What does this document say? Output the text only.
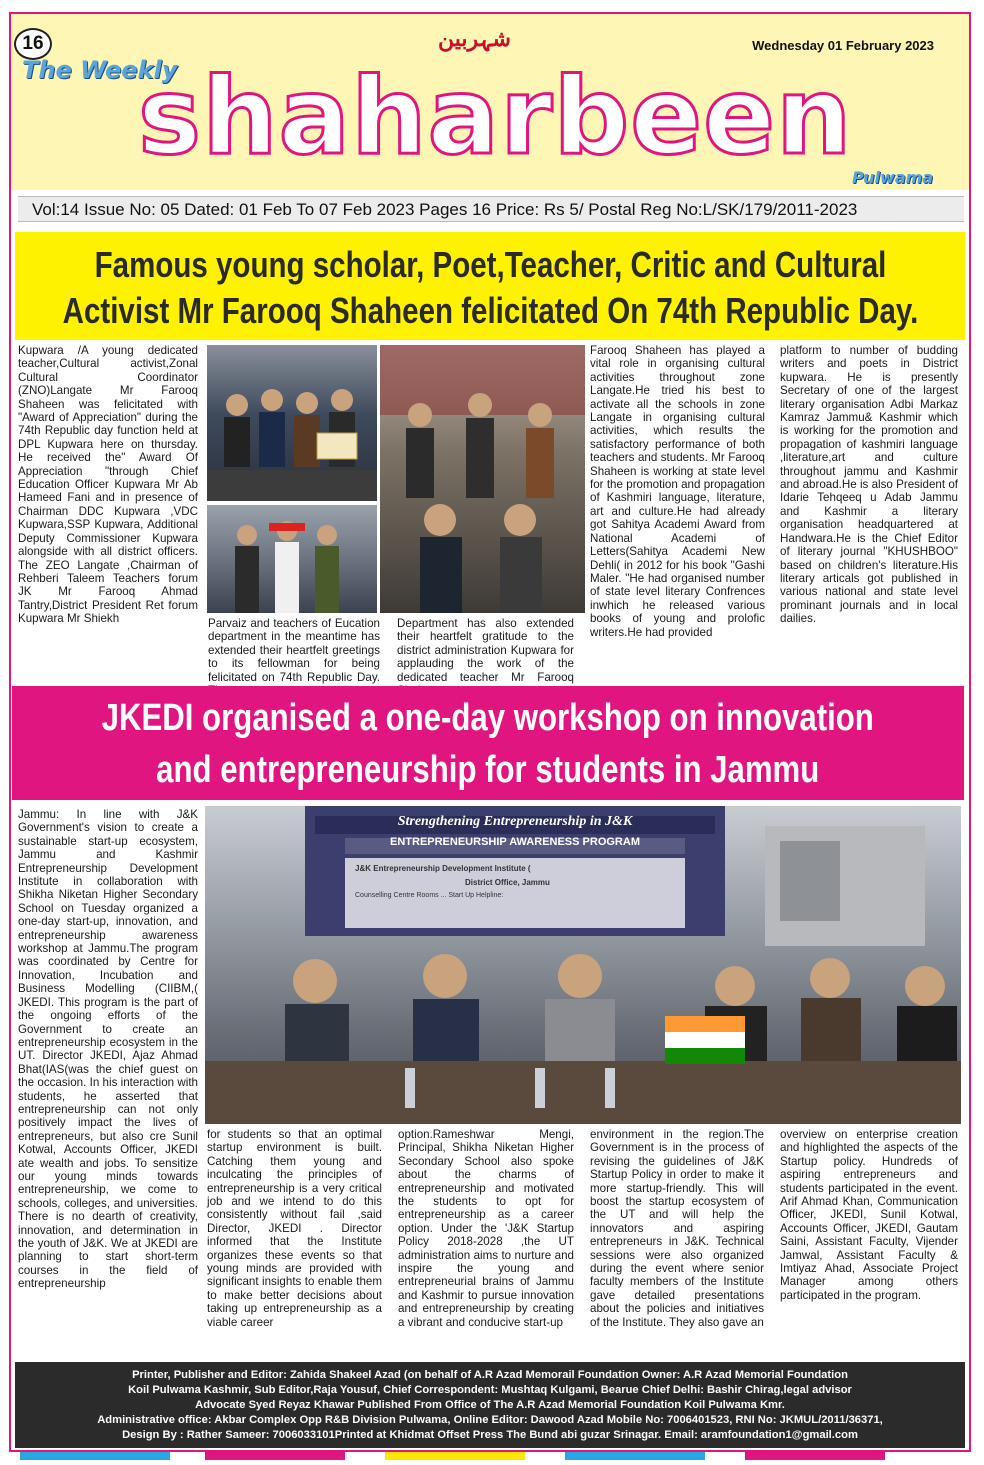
16
The Weekly
شہربین	Wednesday 01 February 2023
shaharbeen Pulwama
Vol:14 Issue No: 05 Dated: 01 Feb To 07 Feb 2023 Pages 16 Price: Rs 5/ Postal Reg No:L/SK/179/2011-2023
Famous young scholar, Poet,Teacher, Critic and Cultural
Activist Mr Farooq Shaheen felicitated On 74th Republic Day.

Kupwara /A young dedicated teacher,Cultural activist,Zonal Cultural Coordinator (ZNO)Langate Mr Farooq Shaheen was felicitated with "Award of Appreciation" during the 74th Republic day function held at DPL Kupwara here on thursday. He received the" Award Of Appreciation "through Chief Education Officer Kupwara Mr Ab Hameed Fani and in presence of Chairman DDC Kupwara ,VDC Kupwara,SSP Kupwara, Additional Deputy Commissioner Kupwara alongside with all district officers. The ZEO Langate ,Chairman of Rehberi Taleem Teachers forum JK Mr Farooq Ahmad Tantry,District President Ret forum Kupwara Mr Shiekh	Parvaiz and teachers of Eucation department in the meantime has extended their heartfelt greetings to its fellowman for being felicitated on 74th Republic Day.

Department has also extended their heartfelt gratitude to the district administration Kupwara for applauding the work of the dedicated teacher Mr Farooq

Farooq Shaheen has played a vital role in organising cultural activities throughout zone Langate.He tried his best to activate all the schools in zone Langate in organising cultural activities, which results the satisfactory performance of both teachers and students. Mr Farooq Shaheen is working at state level for the promotion and propagation of Kashmiri language, literature, art and culture.He had already got Sahitya Academi Award from National Academi of Letters(Sahitya Academi New Dehli( in 2012 for his book "Gashi Maler. "He had organised number of state level literary Confrences inwhich he released various books of young and prolofic writers.He had provided

platform to number of budding writers and poets in District kupwara. He is presently Secretary of one of the largest literary organisation Adbi Markaz Kamraz Jammu& Kashmir which is working for the promotion and propagation of kashmiri language ,literature,art and culture throughout jammu and Kashmir and abroad.He is also President of Idarie Tehqeeq u Adab Jammu and Kashmir a literary organisation headquartered at Handwara.He is the Chief Editor of literary journal "KHUSHBOO" based on children's literature.His literary articals got published in various national and state level prominant journals and in local dailies.

JKEDI organised a one-day workshop on innovation
and entrepreneurship for students in Jammu

Jammu: In line with J&K Government's vision to create a sustainable start-up ecosystem, Jammu and Kashmir Entrepreneurship Development Institute in collaboration with Shikha Niketan Higher Secondary School on Tuesday organized a one-day start-up, innovation, and entrepreneurship awareness workshop at Jammu.The program was coordinated by Centre for Innovation, Incubation and Business Modelling (CIIBM,( JKEDI. This program is the part of the ongoing efforts of the Government to create an entrepreneurship ecosystem in the UT. Director JKEDI, Ajaz Ahmad Bhat(IAS(was the chief guest on the occasion. In his interaction with students, he asserted that entrepreneurship can not only positively impact the lives of entrepreneurs, but also cre Sunil Kotwal, Accounts Officer, JKEDI ate wealth and jobs. To sensitize our young minds towards entrepreneurship, we come to schools, colleges, and universities. There is no dearth of creativity, innovation, and determination in the youth of J&K. We at JKEDI are planning to start short-term courses in the field of entrepreneurship

Strengthening Entrepreneurship in J&K
ENTREPRENEURSHIP AWARENESS PROGRAM
J&K Entrepreneurship Development Institute (
District Office, Jammu
Counselling Centre Rooms ... Start Up Helpline:

for students so that an optimal startup environment is built. Catching them young and inculcating the principles of entrepreneurship is a very critical job and we intend to do this consistently without fail ,said Director, JKEDI . Director informed that the Institute organizes these events so that young minds are provided with significant insights to enable them to make better decisions about taking up entrepreneurship as a viable career

option.Rameshwar Mengi, Principal, Shikha Niketan Higher Secondary School also spoke about the charms of entrepreneurship and motivated the students to opt for entrepreneurship as a career option. Under the 'J&K Startup Policy 2018-2028 ,the UT administration aims to nurture and inspire the young and entrepreneurial brains of Jammu and Kashmir to pursue innovation and entrepreneurship by creating a vibrant and conducive start-up

environment in the region.The Government is in the process of revising the guidelines of J&K Startup Policy in order to make it more startup-friendly. This will boost the startup ecosystem of the UT and will help the innovators and aspiring entrepreneurs in J&K. Technical sessions were also organized during the event where senior faculty members of the Institute gave detailed presentations about the policies and initiatives of the Institute. They also gave an

overview on enterprise creation and highlighted the aspects of the Startup policy. Hundreds of aspiring entrepreneurs and students participated in the event. Arif Ahmad Khan, Communication Officer, JKEDI, Sunil Kotwal, Accounts Officer, JKEDI, Gautam Saini, Assistant Faculty, Vijender Jamwal, Assistant Faculty & Imtiyaz Ahad, Associate Project Manager among others participated in the program.

Printer, Publisher and Editor: Zahida Shakeel Azad (on behalf of A.R Azad Memorail Foundation Owner: A.R Azad Memorial Foundation
Koil Pulwama Kashmir, Sub Editor,Raja Yousuf, Chief Correspondent: Mushtaq Kulgami, Bearue Chief Delhi: Bashir Chirag,legal advisor
Advocate Syed Reyaz Khawar Published From Office of The A.R Azad Memorial Foundation Koil Pulwama Kmr.
Administrative office: Akbar Complex Opp R&B Division Pulwama, Online Editor: Dawood Azad Mobile No: 7006401523, RNI No: JKMUL/2011/36371,
Design By : Rather Sameer: 7006033101Printed at Khidmat Offset Press The Bund abi guzar Srinagar. Email: aramfoundation1@gmail.com
